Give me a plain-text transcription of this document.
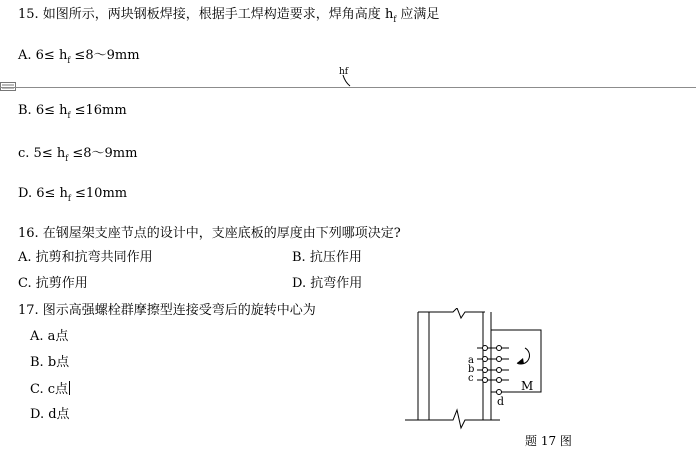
15. 如图所示，两块钢板焊接，根据手工焊构造要求，焊角高度 $h_f$ 应满足
A. $6\le h_f$ ≤8～9mm
hf
B. $6\le h_f \le 16mm$
c. $5\le h_f$ ≤8～9mm
D. $6\le h_f \le 10mm$
16. 在钢屋架支座节点的设计中，支座底板的厚度由下列哪项决定?
A. 抗剪和抗弯共同作用	B. 抗压作用
C. 抗剪作用	D. 抗弯作用
17. 图示高强螺栓群摩擦型连接受弯后的旋转中心为
A. a点
B. b点
C. c点
D. d点
a
b
c
d
M
题 17 图
